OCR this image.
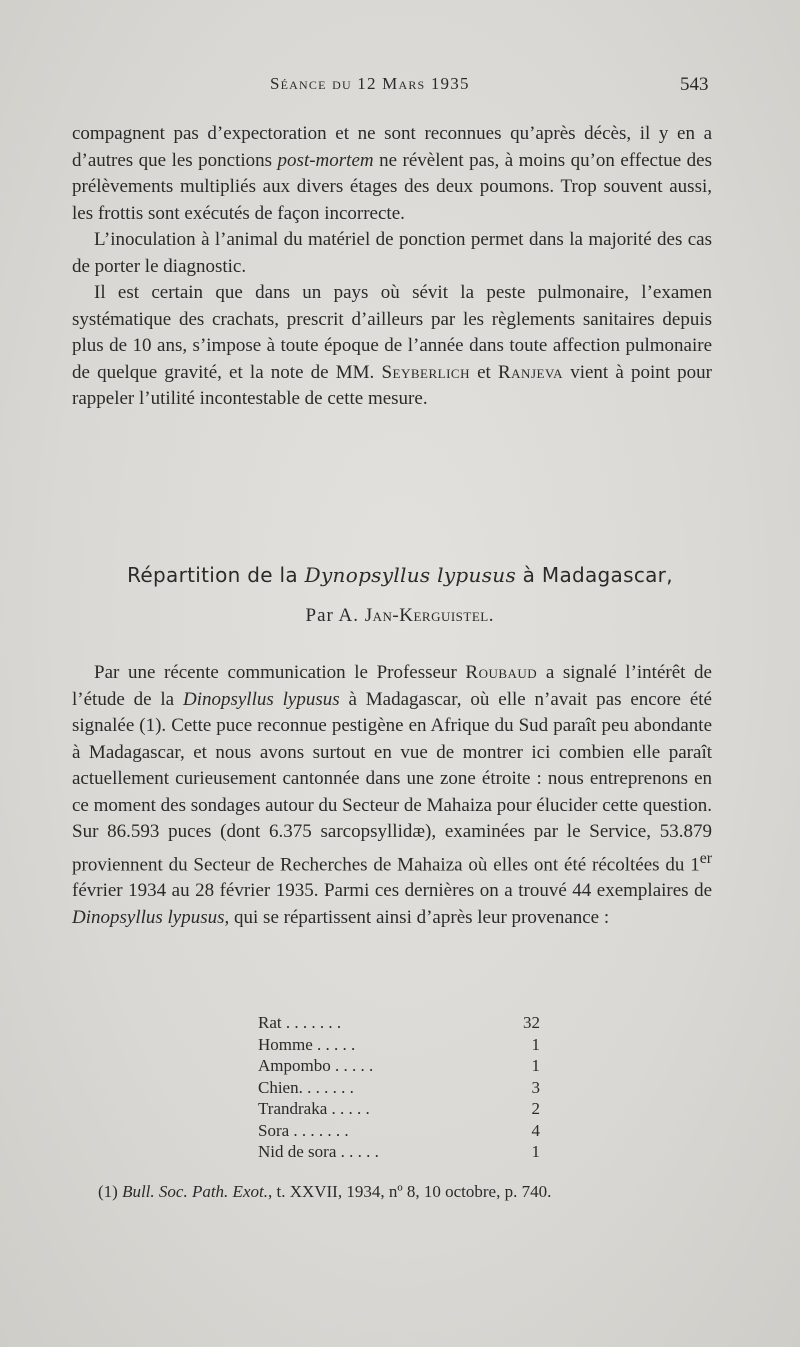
Séance du 12 Mars 1935	543

compagnent pas d’expectoration et ne sont reconnues qu’après décès, il y en a d’autres que les ponctions post-mortem ne révèlent pas, à moins qu’on effectue des prélèvements multipliés aux divers étages des deux poumons. Trop souvent aussi, les frottis sont exécutés de façon incorrecte.

L’inoculation à l’animal du matériel de ponction permet dans la majorité des cas de porter le diagnostic.

Il est certain que dans un pays où sévit la peste pulmonaire, l’examen systématique des crachats, prescrit d’ailleurs par les règlements sanitaires depuis plus de 10 ans, s’impose à toute époque de l’année dans toute affection pulmonaire de quelque gravité, et la note de MM. Seyberlich et Ranjeva vient à point pour rappeler l’utilité incontestable de cette mesure.

Répartition de la Dynopsyllus lypusus à Madagascar,
Par A. Jan-Kerguistel.

Par une récente communication le Professeur Roubaud a signalé l’intérêt de l’étude de la Dinopsyllus lypusus à Madagascar, où elle n’avait pas encore été signalée (1). Cette puce reconnue pestigène en Afrique du Sud paraît peu abondante à Madagascar, et nous avons surtout en vue de montrer ici combien elle paraît actuellement curieusement cantonnée dans une zone étroite : nous entreprenons en ce moment des sondages autour du Secteur de Mahaiza pour élucider cette question. Sur 86.593 puces (dont 6.375 sarcopsyllidæ), examinées par le Service, 53.879 proviennent du Secteur de Recherches de Mahaiza où elles ont été récoltées du 1er février 1934 au 28 février 1935. Parmi ces dernières on a trouvé 44 exemplaires de Dinopsyllus lypusus, qui se répartissent ainsi d’après leur provenance :

Rat . . . . . . .	32
Homme . . . . .	1
Ampombo . . . . .	1
Chien. . . . . . .	3
Trandraka . . . . .	2
Sora . . . . . . .	4
Nid de sora . . . . .	1
(1) Bull. Soc. Path. Exot., t. XXVII, 1934, nº 8, 10 octobre, p. 740.
